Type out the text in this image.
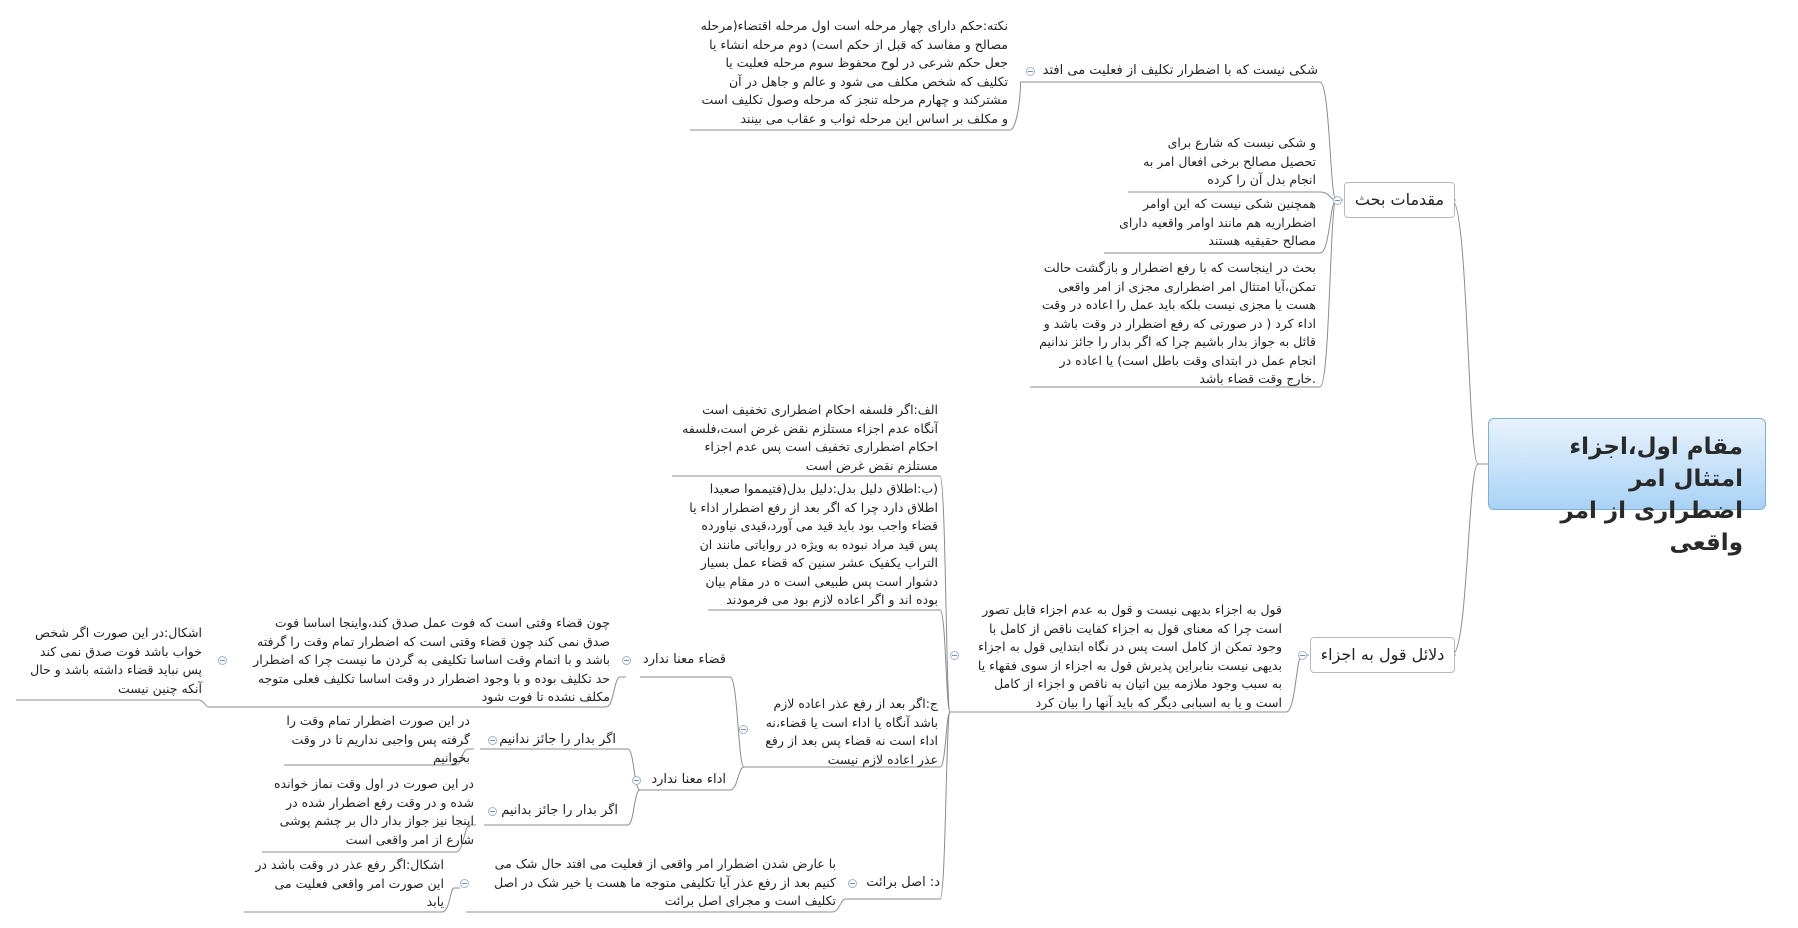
مقام اول،اجزاء امتثال امر
اضطراری از امر واقعی
مقدمات بحث
شکی نیست که با اضطرار تکلیف از فعلیت می افتد
نکته:حکم دارای چهار مرحله است اول مرحله اقتضاء(مرحله
مصالح و مفاسد که قبل از حکم است) دوم مرحله انشاء یا
جعل حکم شرعی در لوح محفوظ سوم مرحله فعلیت یا
تکلیف که شخص مکلف می شود و عالم و جاهل در آن
مشترکند و چهارم مرحله تنجز که مرحله وصول تکلیف است
و مکلف بر اساس این مرحله ثواب و عقاب می بینند
و شکی نیست که شارع برای
تحصیل مصالح برخی افعال امر به
انجام بدل آن را کرده
همچنین شکی نیست که این اوامر
اضطراریه هم مانند اوامر واقعیه دارای
مصالح حقیقیه هستند
بحث در اینجاست که با رفع اضطرار و بازگشت حالت
تمکن،آیا امتثال امر اضطراری مجزی از امر واقعی
هست یا مجزی نیست بلکه باید عمل را اعاده در وقت
اداء کرد ( در صورتی که رفع اضطرار در وقت باشد و
قائل به جواز بدار باشیم چرا که اگر بدار را جائز ندانیم
انجام عمل در ابتدای وقت باطل است) یا اعاده در
.خارج وقت قضاء باشد
دلائل قول به اجزاء
قول به اجزاء بدیهی نیست و قول به عدم اجزاء قابل تصور
است چرا که معنای قول به اجزاء کفایت ناقص از کامل با
وجود تمکن از کامل است پس در نگاه ابتدایی قول به اجزاء
بدیهی نیست بنابراین پذیرش قول به اجزاء از سوی فقهاء یا
به سبب وجود ملازمه بین اتیان به ناقص و اجزاء از کامل
است و یا به اسبابی دیگر که باید آنها را بیان کرد
الف:اگر فلسفه احکام اضطراری تخفیف است
آنگاه عدم اجزاء مستلزم نقض غرض است،فلسفه
احکام اضطراری تخفیف است پس عدم اجزاء
مستلزم نقض غرض است
(ب:اطلاق دلیل بدل:دلیل بدل(فتیمموا صعیدا
اطلاق دارد چرا که اگر بعد از رفع اضطرار اداء یا
قضاء واجب بود باید قید می آورد،قیدی نیاورده
پس قید مراد نبوده به ویژه در روایاتی مانند ان
التراب یکفیک عشر سنین که قضاء عمل بسیار
دشوار است پس طبیعی است ه در مقام بیان
بوده اند و اگر اعاده لازم بود می فرمودند
ج:اگر بعد از رفع عذر اعاده لازم
باشد آنگاه یا اداء است یا قضاء،نه
اداء است نه قضاء پس بعد از رفع
عذر اعاده لازم نیست
قضاء معنا ندارد
چون قضاء وقتی است که فوت عمل صدق کند،واینجا اساسا فوت
صدق نمی کند چون قضاء وقتی است که اضطرار تمام وقت را گرفته
باشد و با اتمام وقت اساسا تکلیفی به گردن ما نیست چرا که اضطرار
حد تکلیف بوده و با وجود اضطرار در وقت اساسا تکلیف فعلی متوجه
مکلف نشده تا فوت شود
اشکال:در این صورت اگر شخص
خواب باشد فوت صدق نمی کند
پس نباید قضاء داشته باشد و حال
آنکه چنین نیست
اداء معنا ندارد
اگر بدار را جائز ندانیم
در این صورت اضطرار تمام وقت را
گرفته پس واجبی نداریم تا در وقت
بخوانیم
اگر بدار را جائز بدانیم
در این صورت در اول وقت نماز خوانده
شده و در وقت رفع اضطرار شده در
اینجا نیز جواز بدار دال بر چشم پوشی
شارع از امر واقعی است
د: اصل برائت
با عارض شدن اضطرار امر واقعی از فعلیت می افتد حال شک می
کنیم بعد از رفع عذر آیا تکلیفی متوجه ما هست یا خیر شک در اصل
تکلیف است و مجرای اصل برائت
اشکال:اگر رفع عذر در وقت باشد در
این صورت امر واقعی فعلیت می
یابد
